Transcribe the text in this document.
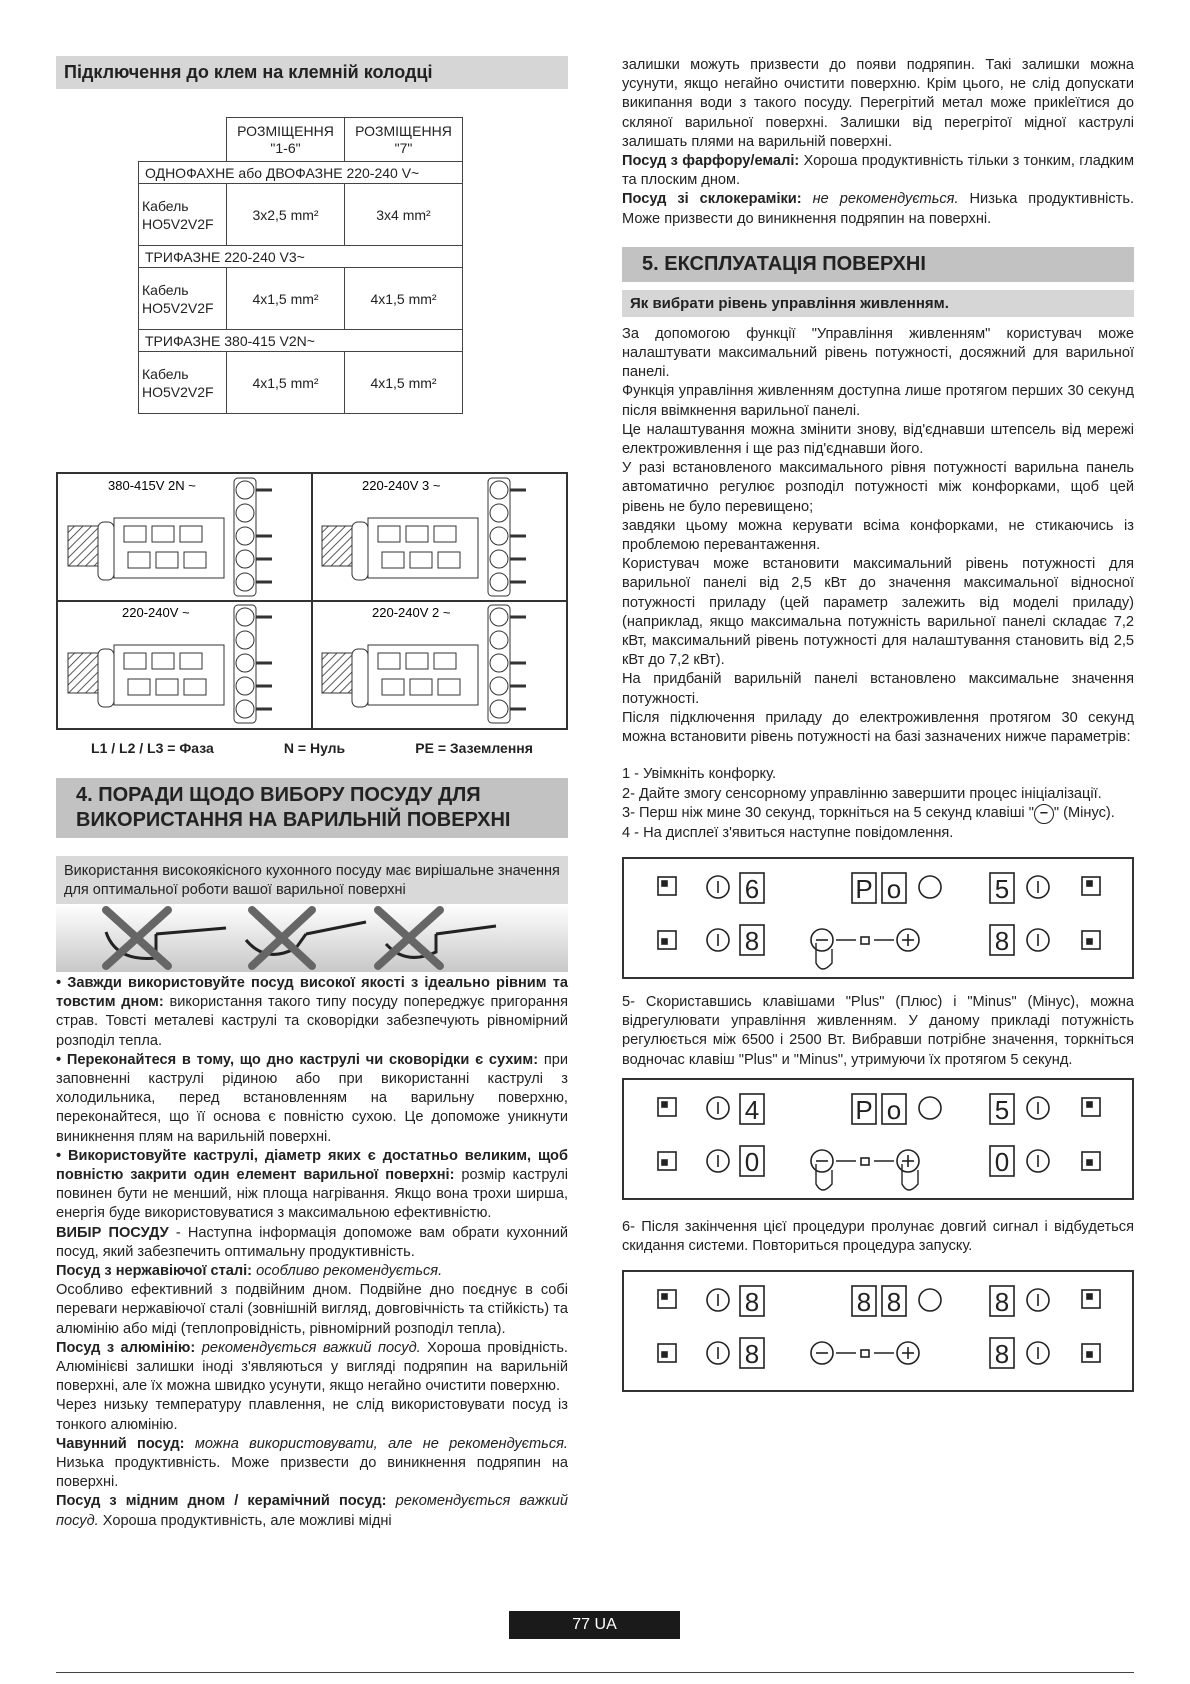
Підключення до клем на клемній колодці
	РОЗМІЩЕННЯ "1-6"	РОЗМІЩЕННЯ "7"
ОДНОФАХНЕ або ДВОФАЗНЕ 220-240 V~		
Кабель HO5V2V2F	3x2,5 mm²	3x4 mm²
ТРИФАЗНЕ 220-240 V3~		
Кабель HO5V2V2F	4x1,5 mm²	4x1,5 mm²
ТРИФАЗНЕ 380-415 V2N~		
Кабель HO5V2V2F	4x1,5 mm²	4x1,5 mm²
380-415V 2N ~	220-240V 3 ~
220-240V ~	220-240V 2 ~
L1 / L2 / L3 = Фаза	N = Нуль	PE = Заземлення
4. ПОРАДИ ЩОДО ВИБОРУ ПОСУДУ ДЛЯ
ВИКОРИСТАННЯ НА ВАРИЛЬНІЙ ПОВЕРХНІ
Використання високоякісного кухонного посуду має вирішальне значення для оптимальної роботи вашої варильної поверхні

• Завжди використовуйте посуд високої якості з ідеально рівним та товстим дном: використання такого типу посуду попереджує пригорання страв. Товсті металеві каструлі та сковорідки забезпечують рівномірний розподіл тепла.

• Переконайтеся в тому, що дно каструлі чи сковорідки є сухим: при заповненні каструлі рідиною або при використанні каструлі з холодильника, перед встановленням на варильну поверхню, переконайтеся, що її основа є повністю сухою. Це допоможе уникнути виникнення плям на варильній поверхні.

• Використовуйте каструлі, діаметр яких є достатньо великим, щоб повністю закрити один елемент варильної поверхні: розмір каструлі повинен бути не менший, ніж площа нагрівання. Якщо вона трохи ширша, енергія буде використовуватися з максимальною ефективністю.

ВИБІР ПОСУДУ - Наступна інформація допоможе вам обрати кухонний посуд, який забезпечить оптимальну продуктивність.

Посуд з нержавіючої сталі: особливо рекомендується.

Особливо ефективний з подвійним дном. Подвійне дно поєднує в собі переваги нержавіючої сталі (зовнішній вигляд, довговічність та стійкість) та алюмінію або міді (теплопровідність, рівномірний розподіл тепла).

Посуд з алюмінію: рекомендується важкий посуд. Хороша провідність. Алюмінієві залишки іноді з'являються у вигляді подряпин на варильній поверхні, але їх можна швидко усунути, якщо негайно очистити поверхню.

Через низьку температуру плавлення, не слід використовувати посуд із тонкого алюмінію.

Чавунний посуд: можна використовувати, але не рекомендується. Низька продуктивність. Може призвести до виникнення подряпин на поверхні.

Посуд з мідним дном / керамічний посуд: рекомендується важкий посуд. Хороша продуктивність, але можливі мідні

залишки можуть призвести до появи подряпин. Такі залишки можна усунути, якщо негайно очистити поверхню. Крім цього, не слід допускати википання води з такого посуду. Перегрітий метал може прикleїтися до скляної варильної поверхні. Залишки від перегрітої мідної каструлі залишать плями на варильній поверхні.

Посуд з фарфору/емалі: Хороша продуктивність тільки з тонким, гладким та плоским дном.

Посуд зі склокераміки: не рекомендується. Низька продуктивність. Може призвести до виникнення подряпин на поверхні.

5. ЕКСПЛУАТАЦІЯ ПОВЕРХНІ
Як вибрати рівень управління живленням.

За допомогою функції "Управління живленням" користувач може налаштувати максимальний рівень потужності, досяжний для варильної панелі.

Функція управління живленням доступна лише протягом перших 30 секунд після ввімкнення варильної панелі.

Це налаштування можна змінити знову, від'єднавши штепсель від мережі електроживлення і ще раз під'єднавши його.

У разі встановленого максимального рівня потужності варильна панель автоматично регулює розподіл потужності між конфорками, щоб цей рівень не було перевищено;

завдяки цьому можна керувати всіма конфорками, не стикаючись із проблемою перевантаження.

Користувач може встановити максимальний рівень потужності для варильної панелі від 2,5 кВт до значення максимальної відносної потужності приладу (цей параметр залежить від моделі приладу) (наприклад, якщо максимальна потужність варильної панелі складає 7,2 кВт, максимальний рівень потужності для налаштування становить від 2,5 кВт до 7,2 кВт).

На придбаній варильній панелі встановлено максимальне значення потужності.

Після підключення приладу до електроживлення протягом 30 секунд можна встановити рівень потужності на базі зазначених нижче параметрів:

1 - Увімкніть конфорку.

2- Дайте змогу сенсорному управлінню завершити процес ініціалізації.

3- Перш ніж мине 30 секунд, торкніться на 5 секунд клавіші " – " (Мінус).

4 - На дисплеї з'явиться наступне повідомлення.

6
8
P o	5
8

5- Скориставшись клавішами "Plus" (Плюс) і "Minus" (Мінус), можна відрегулювати управління живленням. У даному прикладі потужність регулюється між 6500 і 2500 Вт. Вибравши потрібне значення, торкніться водночас клавіш "Plus" и "Minus", утримуючи їх протягом 5 секунд.

4
0
P o	5
0

6- Після закінчення цієї процедури пролунає довгий сигнал і відбудеться скидання системи. Повториться процедура запуску.

8
8
8 8	8
8
77 UA
